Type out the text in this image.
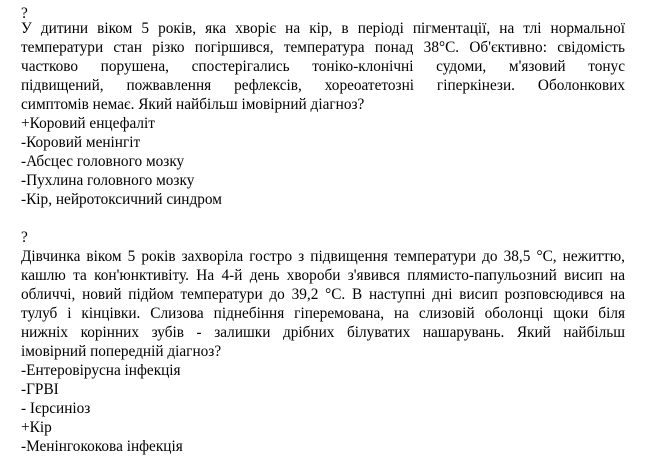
?
У дитини віком 5 років, яка хворіє на кір, в періоді пігментації, на тлі нормальної
температури стан різко погіршився, температура понад 38°С. Об'єктивно: свідомість
частково порушена, спостерігались тоніко-клонічні судоми, м'язовий тонус
підвищений, пожвавлення рефлексів, хореоатетозні гіперкінези. Оболонкових
симптомів немає. Який найбільш імовірний діагноз?
+Коровий енцефаліт
-Коровий менінгіт
-Абсцес головного мозку
-Пухлина головного мозку
-Кір, нейротоксичний синдром
?
Дівчинка віком 5 років захворіла гостро з підвищення температури до 38,5 °С, нежиттю,
кашлю та кон'юнктивіту. На 4-й день хвороби з'явився плямисто-папульозний висип на
обличчі, новий підйом температури до 39,2 °С. В наступні дні висип розповсюдився на
тулуб і кінцівки. Слизова піднебіння гіперемована, на слизовій оболонці щоки біля
нижніх корінних зубів - залишки дрібних білуватих нашарувань. Який найбільш
імовірний попередній діагноз?
-Ентеровірусна інфекція
-ГРВІ
- Ієрсиніоз
+Кір
-Менінгококова інфекція
